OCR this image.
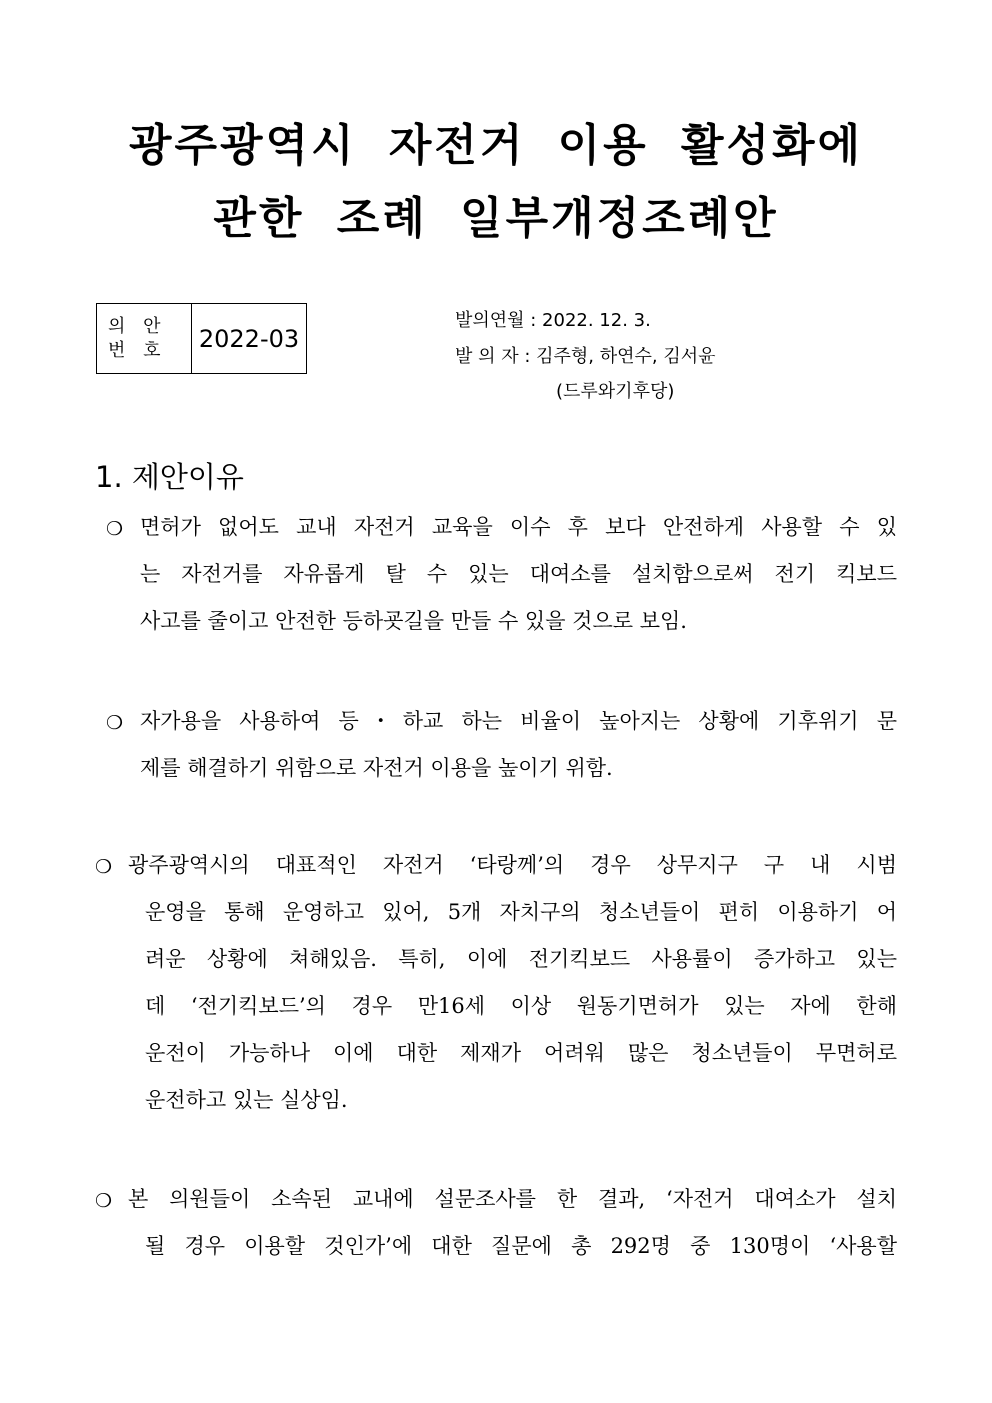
광주광역시 자전거 이용 활성화에
관한 조례 일부개정조례안
의 안
번 호	2022-03
발의연월 : 2022. 12. 3.
발 의 자 : 김주형, 하연수, 김서윤
(드루와기후당)
1. 제안이유
❍ 면허가 없어도 교내 자전거 교육을 이수 후 보다 안전하게 사용할 수 있
는 자전거를 자유롭게 탈 수 있는 대여소를 설치함으로써 전기 킥보드
사고를 줄이고 안전한 등하굣길을 만들 수 있을 것으로 보임.
❍ 자가용을 사용하여 등・하교 하는 비율이 높아지는 상황에 기후위기 문
제를 해결하기 위함으로 자전거 이용을 높이기 위함.
❍ 광주광역시의 대표적인 자전거 ‘타랑께’의 경우 상무지구 구 내 시범
운영을 통해 운영하고 있어, 5개 자치구의 청소년들이 편히 이용하기 어
려운 상황에 쳐해있음. 특히, 이에 전기킥보드 사용률이 증가하고 있는
데 ‘전기킥보드’의 경우 만16세 이상 원동기면허가 있는 자에 한해
운전이 가능하나 이에 대한 제재가 어려워 많은 청소년들이 무면허로
운전하고 있는 실상임.
❍ 본 의원들이 소속된 교내에 설문조사를 한 결과, ‘자전거 대여소가 설치
될 경우 이용할 것인가’에 대한 질문에 총 292명 중 130명이 ‘사용할
